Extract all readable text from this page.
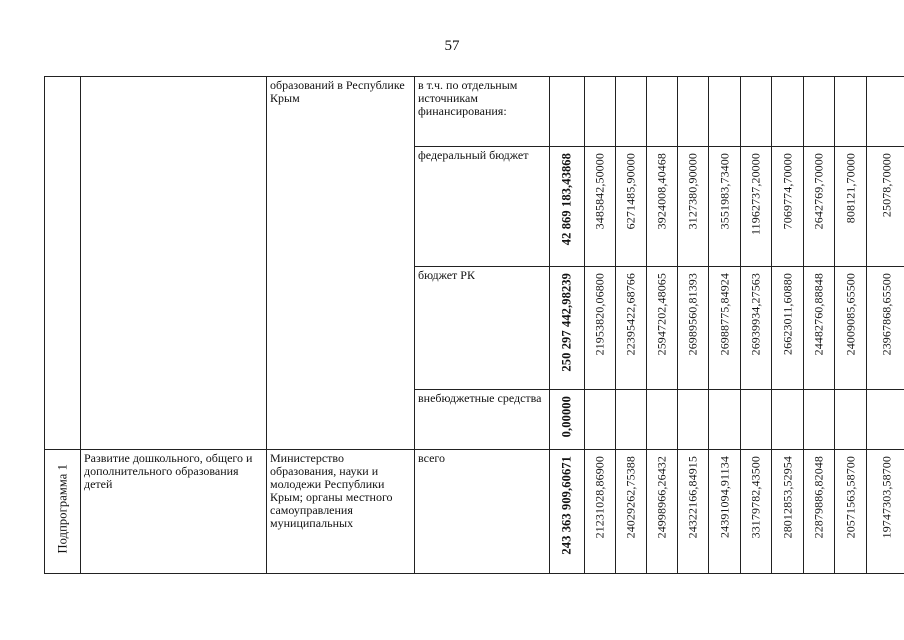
57

		образований в Республике Крым	в т.ч. по отдельным источникам финансирования:											

			федеральный бюджет	42 869 183,43868	3485842,50000	6271485,90000	3924008,40468	3127380,90000	3551983,73400	11962737,20000	7069774,70000	2642769,70000	808121,70000	25078,70000

			бюджет РК	250 297 442,98239	21953820,06800	22395422,68766	25947202,48065	26989560,81393	26988775,84924	26939934,27563	26623011,60880	24482760,88848	24009085,65500	23967868,65500

			внебюджетные средства	0,00000										

Подпрограмма 1	Развитие дошкольного, общего и дополнительного образования детей	Министерство образования, науки и молодежи Республики Крым; органы местного самоуправления муниципальных	всего	243 363 909,60671	21231028,86900	24029262,75388	24998966,26432	24322166,84915	24391094,91134	33179782,43500	28012853,52954	22879886,82048	20571563,58700	19747303,58700
